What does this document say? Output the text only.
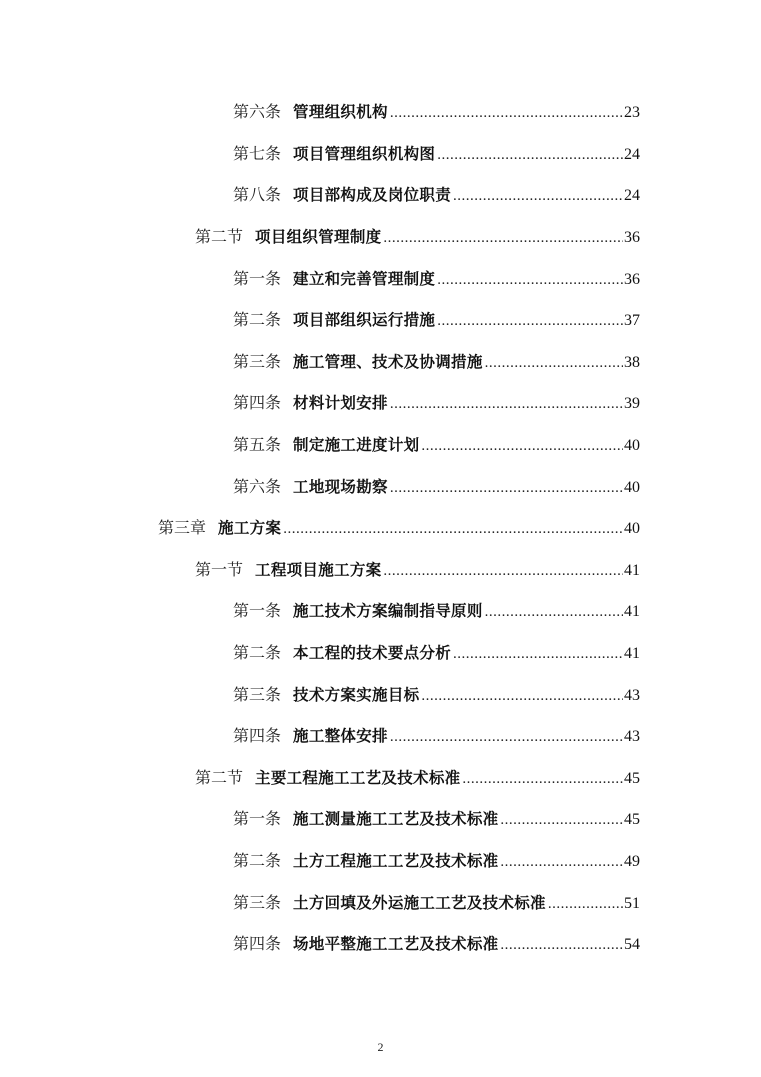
第六条 管理组织机构 .....	23
第七条 项目管理组织机构图 .....	24
第八条 项目部构成及岗位职责 .....	24
第二节 项目组织管理制度 .....	36
第一条 建立和完善管理制度 .....	36
第二条 项目部组织运行措施 .....	37
第三条 施工管理、技术及协调措施 .....	38
第四条 材料计划安排 .....	39
第五条 制定施工进度计划 .....	40
第六条 工地现场勘察 .....	40
第三章 施工方案 .....	40
第一节 工程项目施工方案 .....	41
第一条 施工技术方案编制指导原则 .....	41
第二条 本工程的技术要点分析 .....	41
第三条 技术方案实施目标 .....	43
第四条 施工整体安排 .....	43
第二节 主要工程施工工艺及技术标准 .....	45
第一条 施工测量施工工艺及技术标准 .....	45
第二条 土方工程施工工艺及技术标准 .....	49
第三条 土方回填及外运施工工艺及技术标准 .....	51
第四条 场地平整施工工艺及技术标准 .....	54
2
